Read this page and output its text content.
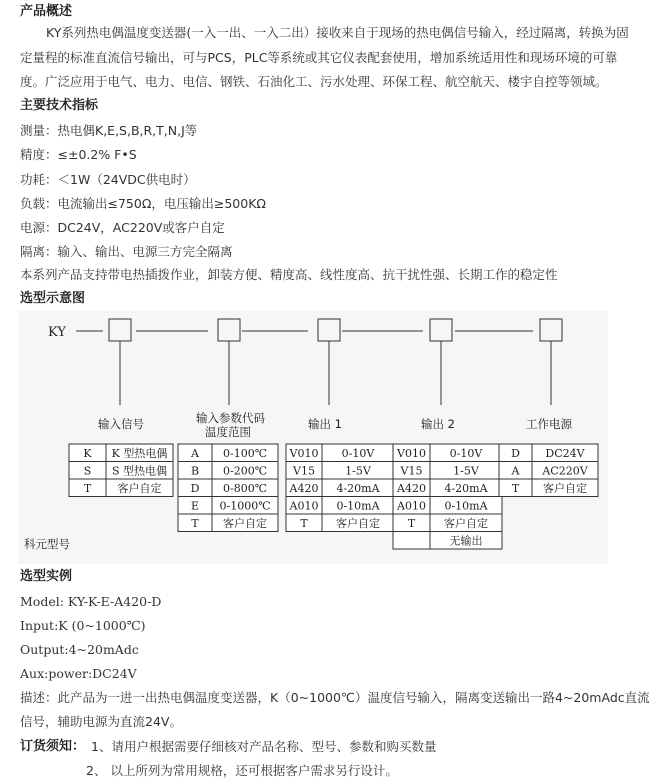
产品概述
KY系列热电偶温度变送器(一入一出、一入二出）接收来自于现场的热电偶信号输入，经过隔离，转换为固
定量程的标准直流信号输出，可与PCS，PLC等系统或其它仪表配套使用，增加系统适用性和现场环境的可靠
度。广泛应用于电气、电力、电信、钢铁、石油化工、污水处理、环保工程、航空航天、楼宇自控等领域。
主要技术指标
测量：热电偶K,E,S,B,R,T,N,J等
精度：≤±0.2% F•S
功耗：＜1W（24VDC供电时）
负载：电流输出≤750Ω，电压输出≥500KΩ
电源：DC24V，AC220V或客户自定
隔离：输入、输出、电源三方完全隔离
本系列产品支持带电热插拨作业，卸装方便、精度高、线性度高、抗干扰性强、长期工作的稳定性
选型示意图
KY
输入信号	输入参数代码
温度范围
输出 1	输出 2	工作电源
K K 型热电偶
S S 型热电偶
T 客户自定
A 0-100℃
B 0-200℃
D 0-800℃
E 0-1000℃
T 客户自定
V010 0-10V
V15	1-5V
A420 4-20mA
A010 0-10mA
T	客户自定
V010 0-10V
V15	1-5V
A420 4-20mA
A010 0-10mA
T	客户自定
无输出
D DC24V
A AC220V
T 客户自定
科元型号
选型实例
Model: KY-K-E-A420-D
Input:K (0~1000℃)
Output:4~20mAdc
Aux:power:DC24V
描述：此产品为一进一出热电偶温度变送器，K（0~1000℃）温度信号输入，隔离变送输出一路4~20mAdc直流
信号，辅助电源为直流24V。
订货须知： 1、请用户根据需要仔细核对产品名称、型号、参数和购买数量
2、 以上所列为常用规格，还可根据客户需求另行设计。
